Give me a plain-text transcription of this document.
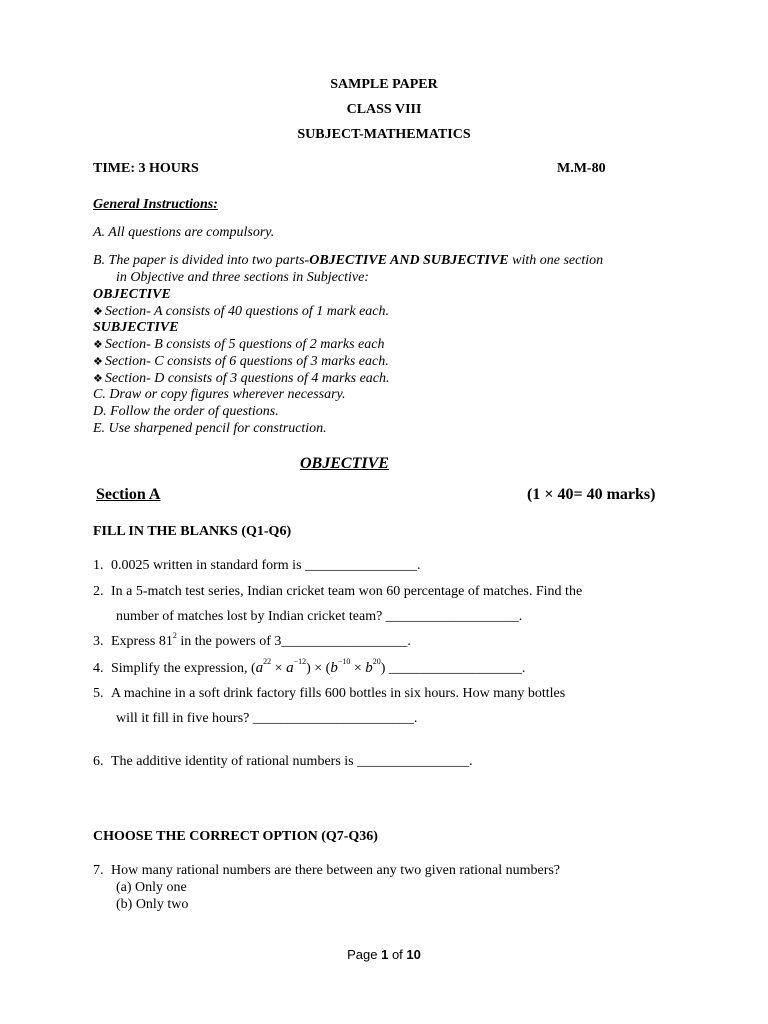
SAMPLE PAPER
CLASS VIII
SUBJECT-MATHEMATICS
TIME: 3 HOURS	M.M-80
General Instructions:
A. All questions are compulsory.
B. The paper is divided into two parts-OBJECTIVE AND SUBJECTIVE with one section
in Objective and three sections in Subjective:
OBJECTIVE
❖ Section- A consists of 40 questions of 1 mark each.
SUBJECTIVE
❖ Section- B consists of 5 questions of 2 marks each
❖ Section- C consists of 6 questions of 3 marks each.
❖ Section- D consists of 3 questions of 4 marks each.
C. Draw or copy figures wherever necessary.
D. Follow the order of questions.
E. Use sharpened pencil for construction.
OBJECTIVE
Section A	(1 × 40= 40 marks)
FILL IN THE BLANKS (Q1-Q6)
1. 0.0025 written in standard form is ________________.
2. In a 5-match test series, Indian cricket team won 60 percentage of matches. Find the
number of matches lost by Indian cricket team? ___________________.
3. Express $81^2$ in the powers of 3__________________.
4. Simplify the expression, $(a^{22} \times a^{-12}) \times (b^{-10} \times b^{20})$ ___________________.
5. A machine in a soft drink factory fills 600 bottles in six hours. How many bottles
will it fill in five hours? _______________________.
6. The additive identity of rational numbers is ________________.
CHOOSE THE CORRECT OPTION (Q7-Q36)
7. How many rational numbers are there between any two given rational numbers?
(a) Only one
(b) Only two
Page 1 of 10
